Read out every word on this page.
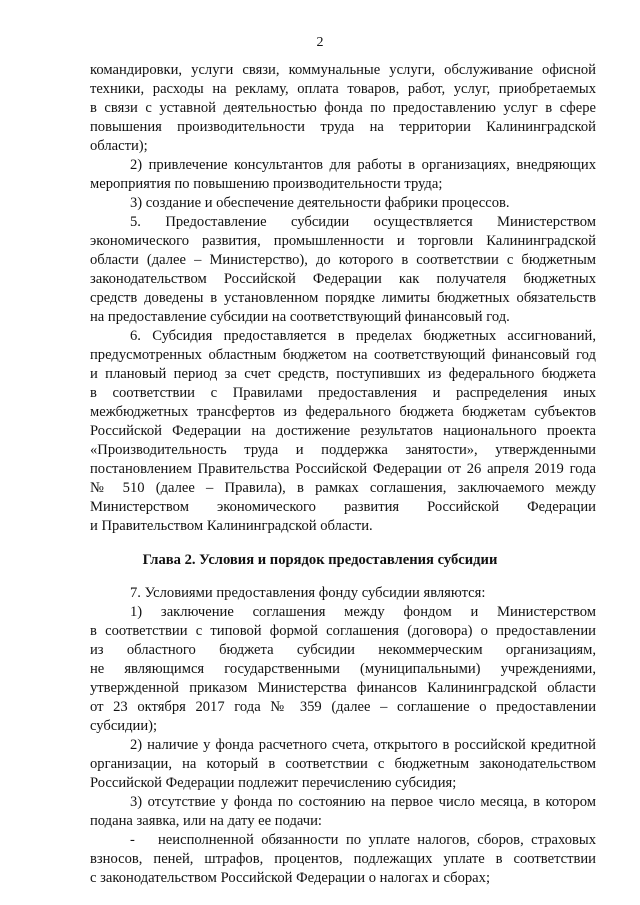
2
командировки, услуги связи, коммунальные услуги, обслуживание офисной
техники, расходы на рекламу, оплата товаров, работ, услуг, приобретаемых
в связи с уставной деятельностью фонда по предоставлению услуг в сфере
повышения производительности труда на территории Калининградской
области);
2) привлечение консультантов для работы в организациях, внедряющих
мероприятия по повышению производительности труда;
3) создание и обеспечение деятельности фабрики процессов.
5. Предоставление субсидии осуществляется Министерством
экономического развития, промышленности и торговли Калининградской
области (далее – Министерство), до которого в соответствии с бюджетным
законодательством Российской Федерации как получателя бюджетных
средств доведены в установленном порядке лимиты бюджетных обязательств
на предоставление субсидии на соответствующий финансовый год.
6. Субсидия предоставляется в пределах бюджетных ассигнований,
предусмотренных областным бюджетом на соответствующий финансовый год
и плановый период за счет средств, поступивших из федерального бюджета
в соответствии с Правилами предоставления и распределения иных
межбюджетных трансфертов из федерального бюджета бюджетам субъектов
Российской Федерации на достижение результатов национального проекта
«Производительность труда и поддержка занятости», утвержденными
постановлением Правительства Российской Федерации от 26 апреля 2019 года
№ 510 (далее – Правила), в рамках соглашения, заключаемого между
Министерством экономического развития Российской Федерации
и Правительством Калининградской области.
Глава 2. Условия и порядок предоставления субсидии
7. Условиями предоставления фонду субсидии являются:
1) заключение соглашения между фондом и Министерством
в соответствии с типовой формой соглашения (договора) о предоставлении
из областного бюджета субсидии некоммерческим организациям,
не являющимся государственными (муниципальными) учреждениями,
утвержденной приказом Министерства финансов Калининградской области
от 23 октября 2017 года № 359 (далее – соглашение о предоставлении
субсидии);
2) наличие у фонда расчетного счета, открытого в российской кредитной
организации, на который в соответствии с бюджетным законодательством
Российской Федерации подлежит перечислению субсидия;
3) отсутствие у фонда по состоянию на первое число месяца, в котором
подана заявка, или на дату ее подачи:
- неисполненной обязанности по уплате налогов, сборов, страховых
взносов, пеней, штрафов, процентов, подлежащих уплате в соответствии
с законодательством Российской Федерации о налогах и сборах;
